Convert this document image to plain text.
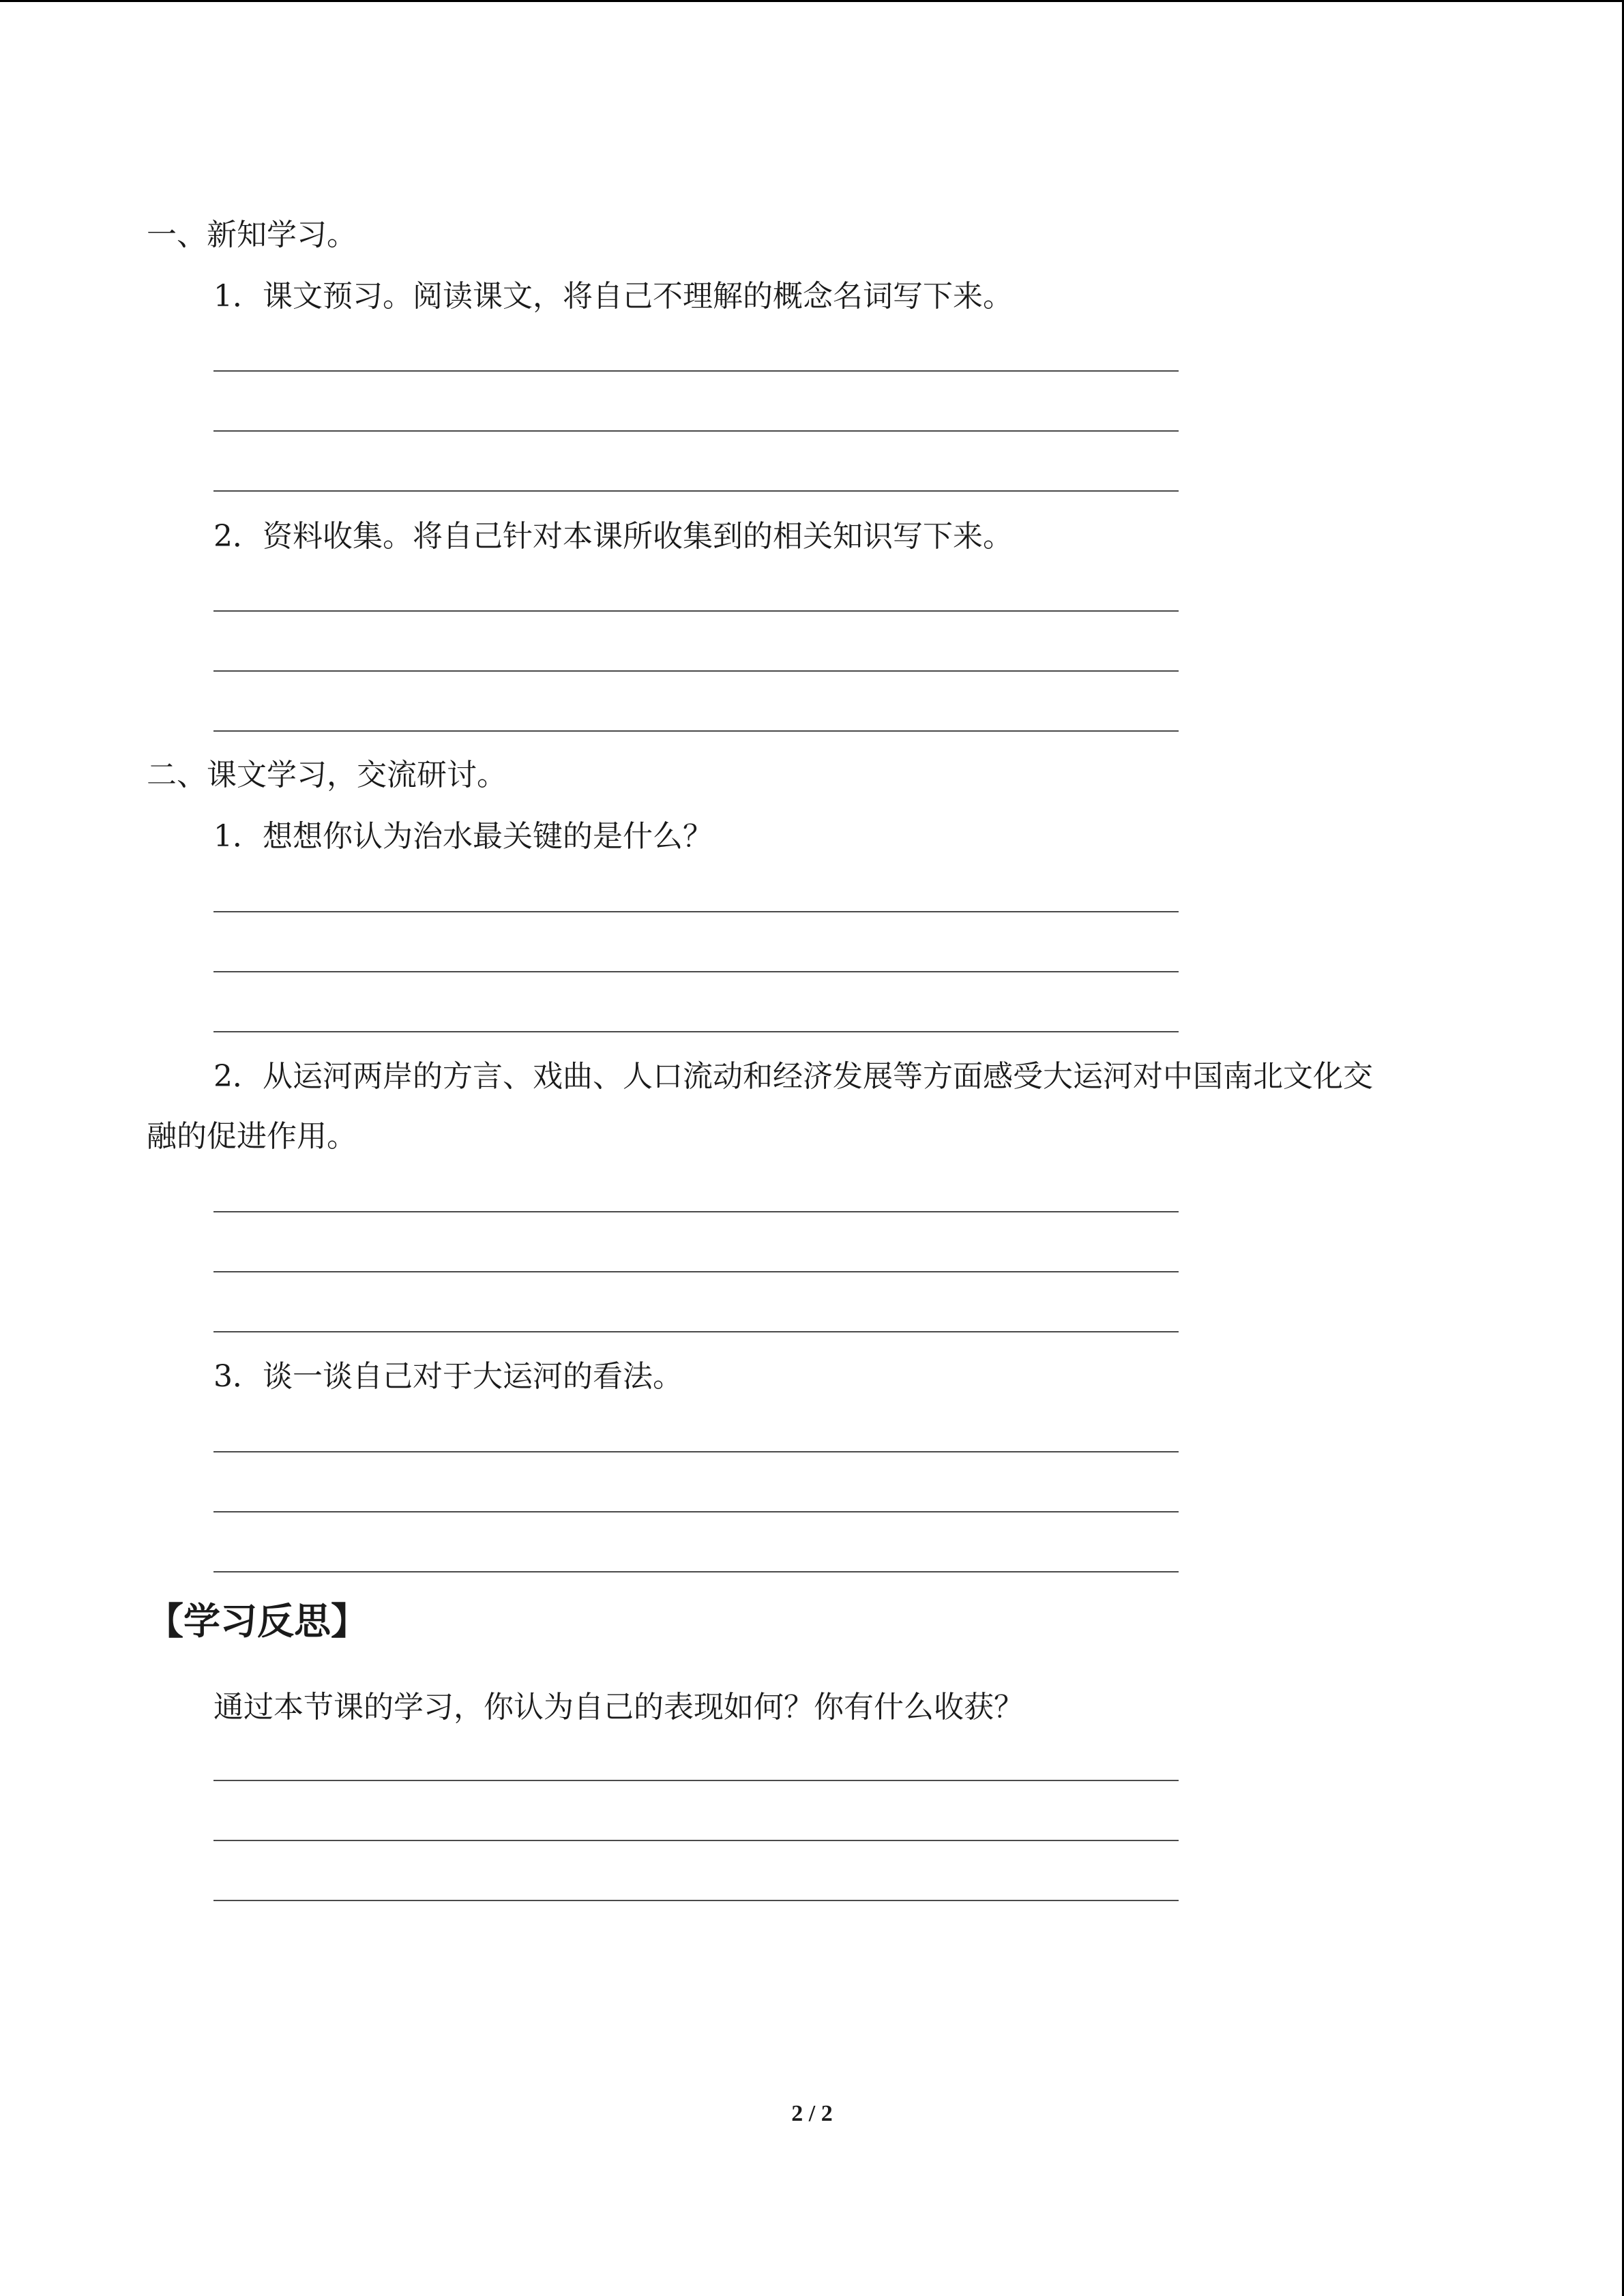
一、新知学习。
1．课文预习。阅读课文，将自己不理解的概念名词写下来。
2．资料收集。将自己针对本课所收集到的相关知识写下来。
二、课文学习，交流研讨。
1．想想你认为治水最关键的是什么？
2．从运河两岸的方言、戏曲、人口流动和经济发展等方面感受大运河对中国南北文化交
融的促进作用。
3．谈一谈自己对于大运河的看法。
【学习反思】
通过本节课的学习，你认为自己的表现如何？你有什么收获？
2 / 2
